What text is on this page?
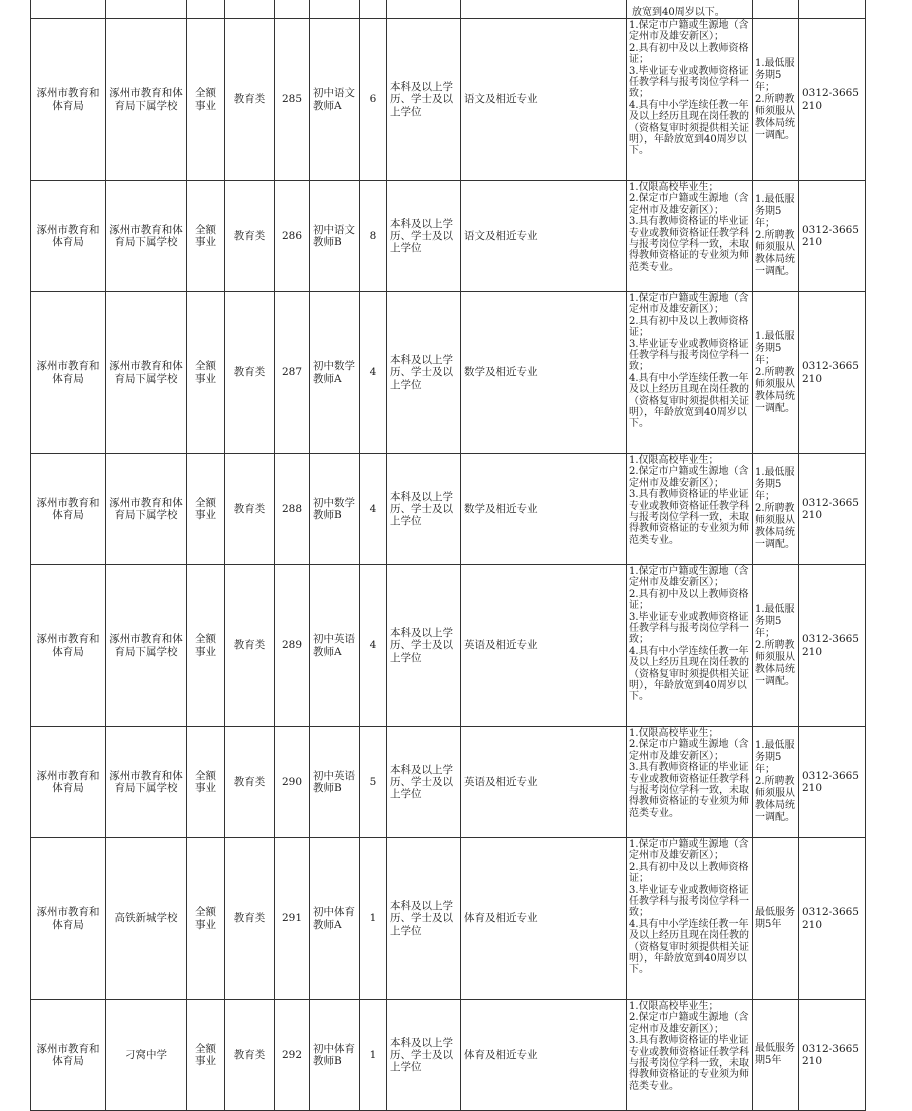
放宽到40周岁以下。
涿州市教育和体育局	涿州市教育和体育局下属学校	全额事业	教育类	285	初中语文教师A	6	本科及以上学历、学士及以上学位	语文及相近专业	1.保定市户籍或生源地（含定州市及雄安新区）；
2.具有初中及以上教师资格证；
3.毕业证专业或教师资格证任教学科与报考岗位学科一致；
4.具有中小学连续任教一年及以上经历且现在岗任教的（资格复审时须提供相关证明），年龄放宽到40周岁以下。	1.最低服务期5年；
2.所聘教师须服从教体局统一调配。	0312-3665210
涿州市教育和体育局	涿州市教育和体育局下属学校	全额事业	教育类	286	初中语文教师B	8	本科及以上学历、学士及以上学位	语文及相近专业	1.仅限高校毕业生；
2.保定市户籍或生源地（含定州市及雄安新区）；
3.具有教师资格证的毕业证专业或教师资格证任教学科与报考岗位学科一致，未取得教师资格证的专业须为师范类专业。	1.最低服务期5年；
2.所聘教师须服从教体局统一调配。	0312-3665210
涿州市教育和体育局	涿州市教育和体育局下属学校	全额事业	教育类	287	初中数学教师A	4	本科及以上学历、学士及以上学位	数学及相近专业	1.保定市户籍或生源地（含定州市及雄安新区）；
2.具有初中及以上教师资格证；
3.毕业证专业或教师资格证任教学科与报考岗位学科一致；
4.具有中小学连续任教一年及以上经历且现在岗任教的（资格复审时须提供相关证明），年龄放宽到40周岁以下。	1.最低服务期5年；
2.所聘教师须服从教体局统一调配。	0312-3665210
涿州市教育和体育局	涿州市教育和体育局下属学校	全额事业	教育类	288	初中数学教师B	4	本科及以上学历、学士及以上学位	数学及相近专业	1.仅限高校毕业生；
2.保定市户籍或生源地（含定州市及雄安新区）；
3.具有教师资格证的毕业证专业或教师资格证任教学科与报考岗位学科一致，未取得教师资格证的专业须为师范类专业。	1.最低服务期5年；
2.所聘教师须服从教体局统一调配。	0312-3665210
涿州市教育和体育局	涿州市教育和体育局下属学校	全额事业	教育类	289	初中英语教师A	4	本科及以上学历、学士及以上学位	英语及相近专业	1.保定市户籍或生源地（含定州市及雄安新区）；
2.具有初中及以上教师资格证；
3.毕业证专业或教师资格证任教学科与报考岗位学科一致；
4.具有中小学连续任教一年及以上经历且现在岗任教的（资格复审时须提供相关证明），年龄放宽到40周岁以下。	1.最低服务期5年；
2.所聘教师须服从教体局统一调配。	0312-3665210
涿州市教育和体育局	涿州市教育和体育局下属学校	全额事业	教育类	290	初中英语教师B	5	本科及以上学历、学士及以上学位	英语及相近专业	1.仅限高校毕业生；
2.保定市户籍或生源地（含定州市及雄安新区）；
3.具有教师资格证的毕业证专业或教师资格证任教学科与报考岗位学科一致，未取得教师资格证的专业须为师范类专业。	1.最低服务期5年；
2.所聘教师须服从教体局统一调配。	0312-3665210
涿州市教育和体育局	高铁新城学校	全额事业	教育类	291	初中体育教师A	1	本科及以上学历、学士及以上学位	体育及相近专业	1.保定市户籍或生源地（含定州市及雄安新区）；
2.具有初中及以上教师资格证；
3.毕业证专业或教师资格证任教学科与报考岗位学科一致；
4.具有中小学连续任教一年及以上经历且现在岗任教的（资格复审时须提供相关证明），年龄放宽到40周岁以下。	最低服务期5年	0312-3665210
涿州市教育和体育局	刁窝中学	全额事业	教育类	292	初中体育教师B	1	本科及以上学历、学士及以上学位	体育及相近专业	1.仅限高校毕业生；
2.保定市户籍或生源地（含定州市及雄安新区）；
3.具有教师资格证的毕业证专业或教师资格证任教学科与报考岗位学科一致，未取得教师资格证的专业须为师范类专业。	最低服务期5年	0312-3665210
